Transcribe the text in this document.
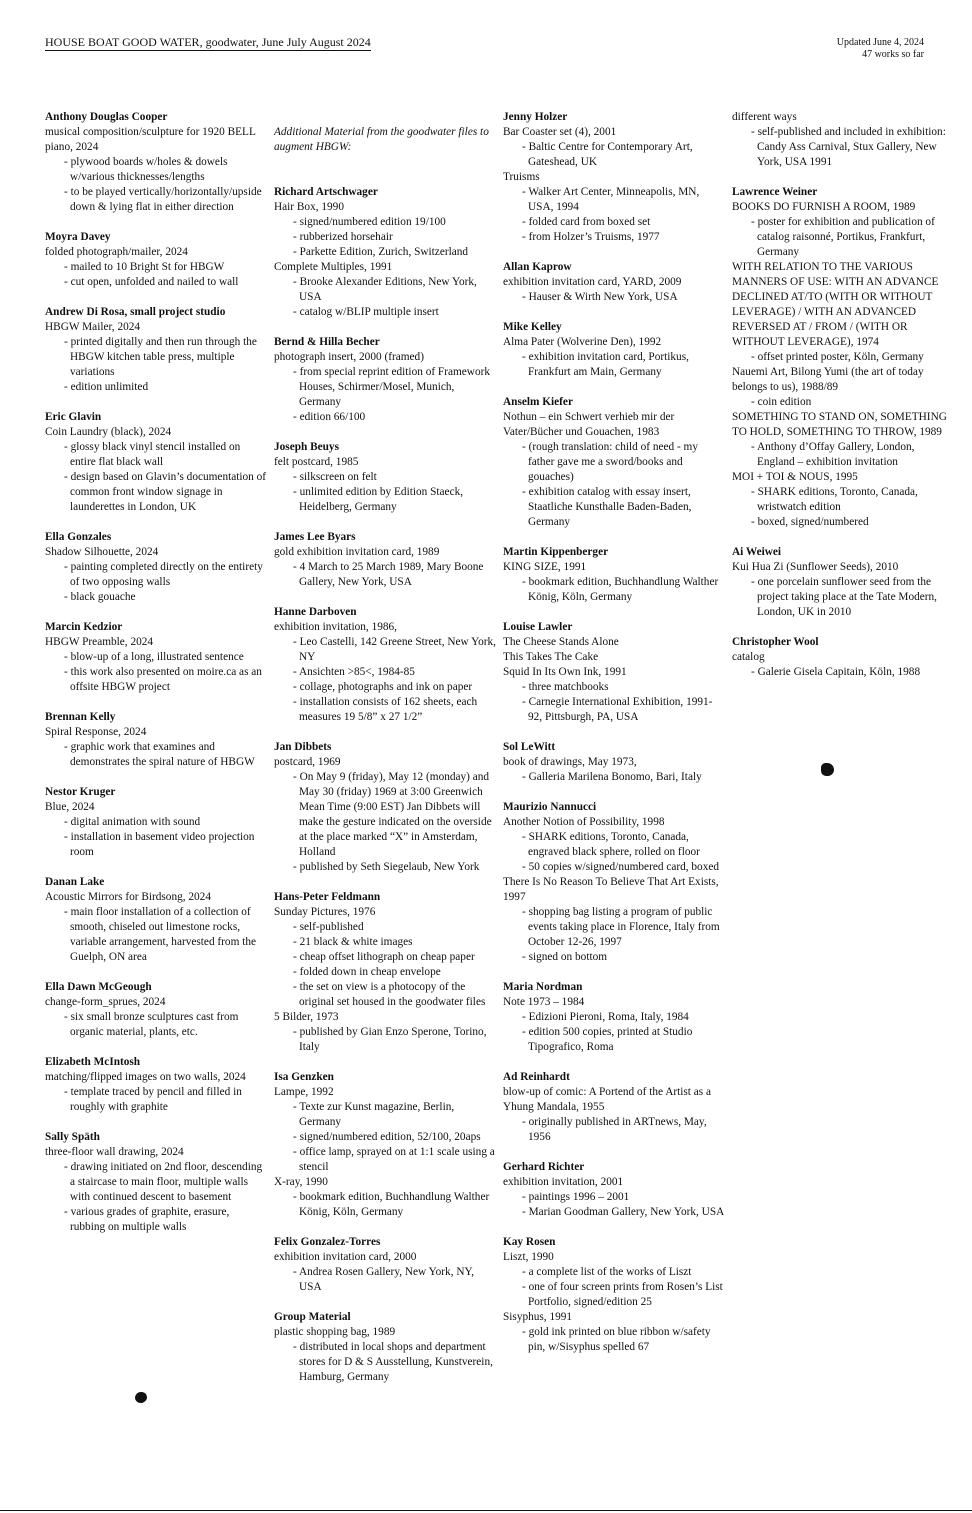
HOUSE BOAT GOOD WATER, goodwater, June July August 2024	Updated June 4, 2024
47 works so far
Anthony Douglas Cooper
musical composition/sculpture for 1920 BELL piano, 2024
- plywood boards w/holes & dowels w/various thicknesses/lengths
- to be played vertically/horizontally/upside down & lying flat in either direction
Moyra Davey
folded photograph/mailer, 2024
- mailed to 10 Bright St for HBGW
- cut open, unfolded and nailed to wall
Andrew Di Rosa, small project studio
HBGW Mailer, 2024
- printed digitally and then run through the HBGW kitchen table press, multiple variations
- edition unlimited
Eric Glavin
Coin Laundry (black), 2024
- glossy black vinyl stencil installed on entire flat black wall
- design based on Glavin’s documentation of common front window signage in launderettes in London, UK
Ella Gonzales
Shadow Silhouette, 2024
- painting completed directly on the entirety of two opposing walls
- black gouache
Marcin Kedzior
HBGW Preamble, 2024
- blow-up of a long, illustrated sentence
- this work also presented on moire.ca as an offsite HBGW project
Brennan Kelly
Spiral Response, 2024
- graphic work that examines and demonstrates the spiral nature of HBGW
Nestor Kruger
Blue, 2024
- digital animation with sound
- installation in basement video projection room
Danan Lake
Acoustic Mirrors for Birdsong, 2024
- main floor installation of a collection of smooth, chiseled out limestone rocks, variable arrangement, harvested from the Guelph, ON area
Ella Dawn McGeough
change-form_sprues, 2024
- six small bronze sculptures cast from organic material, plants, etc.
Elizabeth McIntosh
matching/flipped images on two walls, 2024
- template traced by pencil and filled in roughly with graphite
Sally Späth
three-floor wall drawing, 2024
- drawing initiated on 2nd floor, descending a staircase to main floor, multiple walls with continued descent to basement
- various grades of graphite, erasure, rubbing on multiple walls

Additional Material from the goodwater files to augment HBGW:

Richard Artschwager
Hair Box, 1990
- signed/numbered edition 19/100
- rubberized horsehair
- Parkette Edition, Zurich, Switzerland
Complete Multiples, 1991
- Brooke Alexander Editions, New York, USA
- catalog w/BLIP multiple insert
Bernd & Hilla Becher
photograph insert, 2000 (framed)
- from special reprint edition of Framework Houses, Schirmer/Mosel, Munich, Germany
- edition 66/100
Joseph Beuys
felt postcard, 1985
- silkscreen on felt
- unlimited edition by Edition Staeck, Heidelberg, Germany
James Lee Byars
gold exhibition invitation card, 1989
- 4 March to 25 March 1989, Mary Boone Gallery, New York, USA
Hanne Darboven
exhibition invitation, 1986,
- Leo Castelli, 142 Greene Street, New York, NY
- Ansichten >85<, 1984-85
- collage, photographs and ink on paper
- installation consists of 162 sheets, each measures 19 5/8” x 27 1/2”
Jan Dibbets
postcard, 1969
- On May 9 (friday), May 12 (monday) and May 30 (friday) 1969 at 3:00 Greenwich Mean Time (9:00 EST) Jan Dibbets will make the gesture indicated on the overside at the place marked “X” in Amsterdam, Holland
- published by Seth Siegelaub, New York
Hans-Peter Feldmann
Sunday Pictures, 1976
- self-published
- 21 black & white images
- cheap offset lithograph on cheap paper
- folded down in cheap envelope
- the set on view is a photocopy of the original set housed in the goodwater files
5 Bilder, 1973
- published by Gian Enzo Sperone, Torino, Italy
Isa Genzken
Lampe, 1992
- Texte zur Kunst magazine, Berlin, Germany
- signed/numbered edition, 52/100, 20aps
- office lamp, sprayed on at 1:1 scale using a stencil
X-ray, 1990
- bookmark edition, Buchhandlung Walther König, Köln, Germany
Felix Gonzalez-Torres
exhibition invitation card, 2000
- Andrea Rosen Gallery, New York, NY, USA
Group Material
plastic shopping bag, 1989
- distributed in local shops and department stores for D & S Ausstellung, Kunstverein, Hamburg, Germany
Jenny Holzer
Bar Coaster set (4), 2001
- Baltic Centre for Contemporary Art, Gateshead, UK
Truisms
- Walker Art Center, Minneapolis, MN, USA, 1994
- folded card from boxed set
- from Holzer’s Truisms, 1977
Allan Kaprow
exhibition invitation card, YARD, 2009
- Hauser & Wirth New York, USA
Mike Kelley
Alma Pater (Wolverine Den), 1992
- exhibition invitation card, Portikus, Frankfurt am Main, Germany
Anselm Kiefer
Nothun – ein Schwert verhieb mir der Vater/Bücher und Gouachen, 1983
- (rough translation: child of need - my father gave me a sword/books and gouaches)
- exhibition catalog with essay insert, Staatliche Kunsthalle Baden-Baden, Germany
Martin Kippenberger
KING SIZE, 1991
- bookmark edition, Buchhandlung Walther König, Köln, Germany
Louise Lawler
The Cheese Stands Alone
This Takes The Cake
Squid In Its Own Ink, 1991
- three matchbooks
- Carnegie International Exhibition, 1991-92, Pittsburgh, PA, USA
Sol LeWitt
book of drawings, May 1973,
- Galleria Marilena Bonomo, Bari, Italy
Maurizio Nannucci
Another Notion of Possibility, 1998
- SHARK editions, Toronto, Canada, engraved black sphere, rolled on floor
- 50 copies w/signed/numbered card, boxed
There Is No Reason To Believe That Art Exists, 1997
- shopping bag listing a program of public events taking place in Florence, Italy from October 12-26, 1997
- signed on bottom
Maria Nordman
Note 1973 – 1984
- Edizioni Pieroni, Roma, Italy, 1984
- edition 500 copies, printed at Studio Tipografico, Roma
Ad Reinhardt
blow-up of comic: A Portend of the Artist as a Yhung Mandala, 1955
- originally published in ARTnews, May, 1956
Gerhard Richter
exhibition invitation, 2001
- paintings 1996 – 2001
- Marian Goodman Gallery, New York, USA
Kay Rosen
Liszt, 1990
- a complete list of the works of Liszt
- one of four screen prints from Rosen’s List Portfolio, signed/edition 25
Sisyphus, 1991
- gold ink printed on blue ribbon w/safety pin, w/Sisyphus spelled 67
different ways
- self-published and included in exhibition: Candy Ass Carnival, Stux Gallery, New York, USA 1991
Lawrence Weiner
BOOKS DO FURNISH A ROOM, 1989
- poster for exhibition and publication of catalog raisonné, Portikus, Frankfurt, Germany
WITH RELATION TO THE VARIOUS MANNERS OF USE: WITH AN ADVANCE DECLINED AT/TO (WITH OR WITHOUT LEVERAGE) / WITH AN ADVANCED REVERSED AT / FROM / (WITH OR WITHOUT LEVERAGE), 1974
- offset printed poster, Köln, Germany
Nauemi Art, Bilong Yumi (the art of today belongs to us), 1988/89
- coin edition
SOMETHING TO STAND ON, SOMETHING TO HOLD, SOMETHING TO THROW, 1989
- Anthony d’Offay Gallery, London, England – exhibition invitation
MOI + TOI & NOUS, 1995
- SHARK editions, Toronto, Canada, wristwatch edition
- boxed, signed/numbered
Ai Weiwei
Kui Hua Zi (Sunflower Seeds), 2010
- one porcelain sunflower seed from the project taking place at the Tate Modern, London, UK in 2010
Christopher Wool
catalog
- Galerie Gisela Capitain, Köln, 1988
